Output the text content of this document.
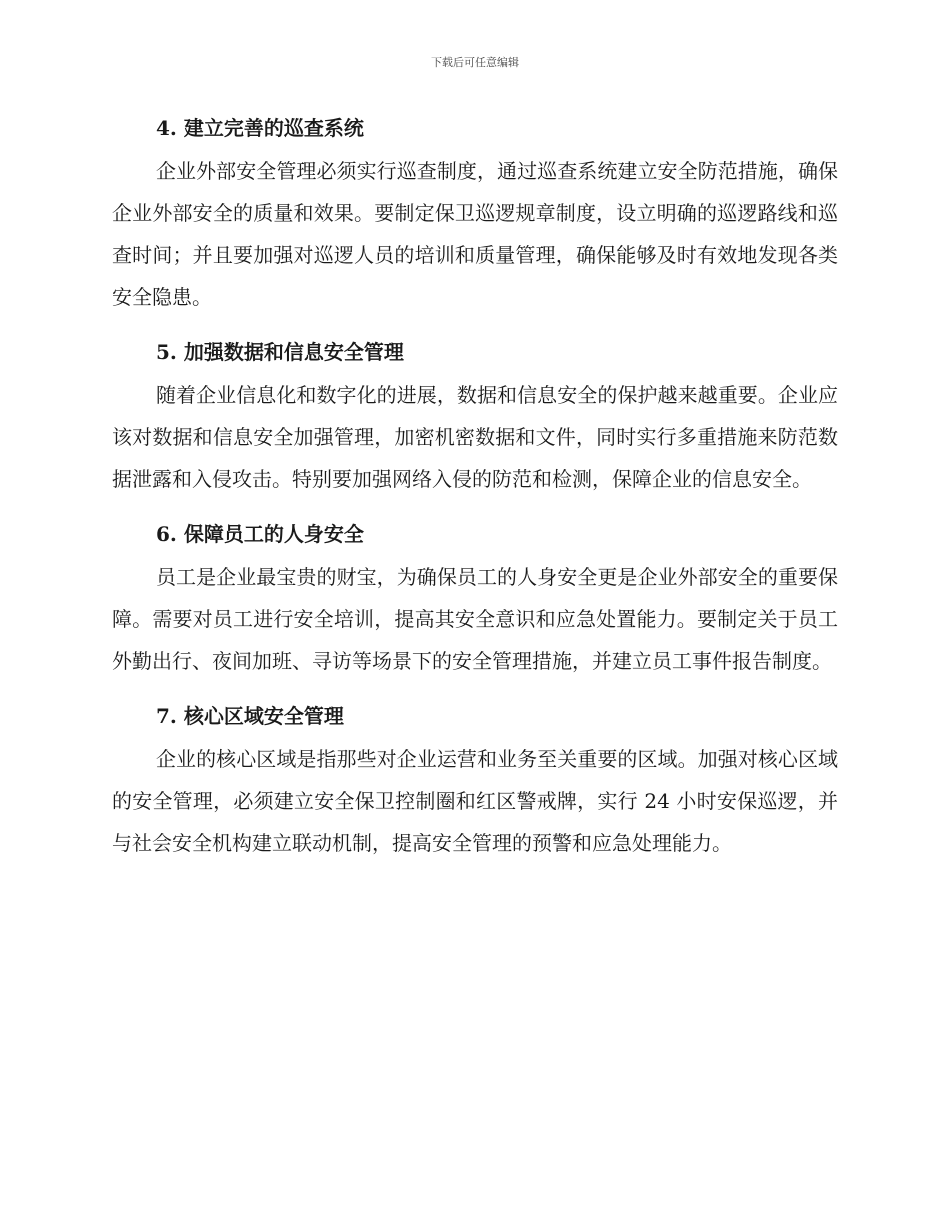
下载后可任意编辑
4. 建立完善的巡查系统

企业外部安全管理必须实行巡查制度，通过巡查系统建立安全防范措施，确保企业外部安全的质量和效果。要制定保卫巡逻规章制度，设立明确的巡逻路线和巡查时间；并且要加强对巡逻人员的培训和质量管理，确保能够及时有效地发现各类安全隐患。

5. 加强数据和信息安全管理

随着企业信息化和数字化的进展，数据和信息安全的保护越来越重要。企业应该对数据和信息安全加强管理，加密机密数据和文件，同时实行多重措施来防范数据泄露和入侵攻击。特别要加强网络入侵的防范和检测，保障企业的信息安全。

6. 保障员工的人身安全

员工是企业最宝贵的财宝，为确保员工的人身安全更是企业外部安全的重要保障。需要对员工进行安全培训，提高其安全意识和应急处置能力。要制定关于员工外勤出行、夜间加班、寻访等场景下的安全管理措施，并建立员工事件报告制度。

7. 核心区域安全管理

企业的核心区域是指那些对企业运营和业务至关重要的区域。加强对核心区域的安全管理，必须建立安全保卫控制圈和红区警戒牌，实行 24 小时安保巡逻，并与社会安全机构建立联动机制，提高安全管理的预警和应急处理能力。
